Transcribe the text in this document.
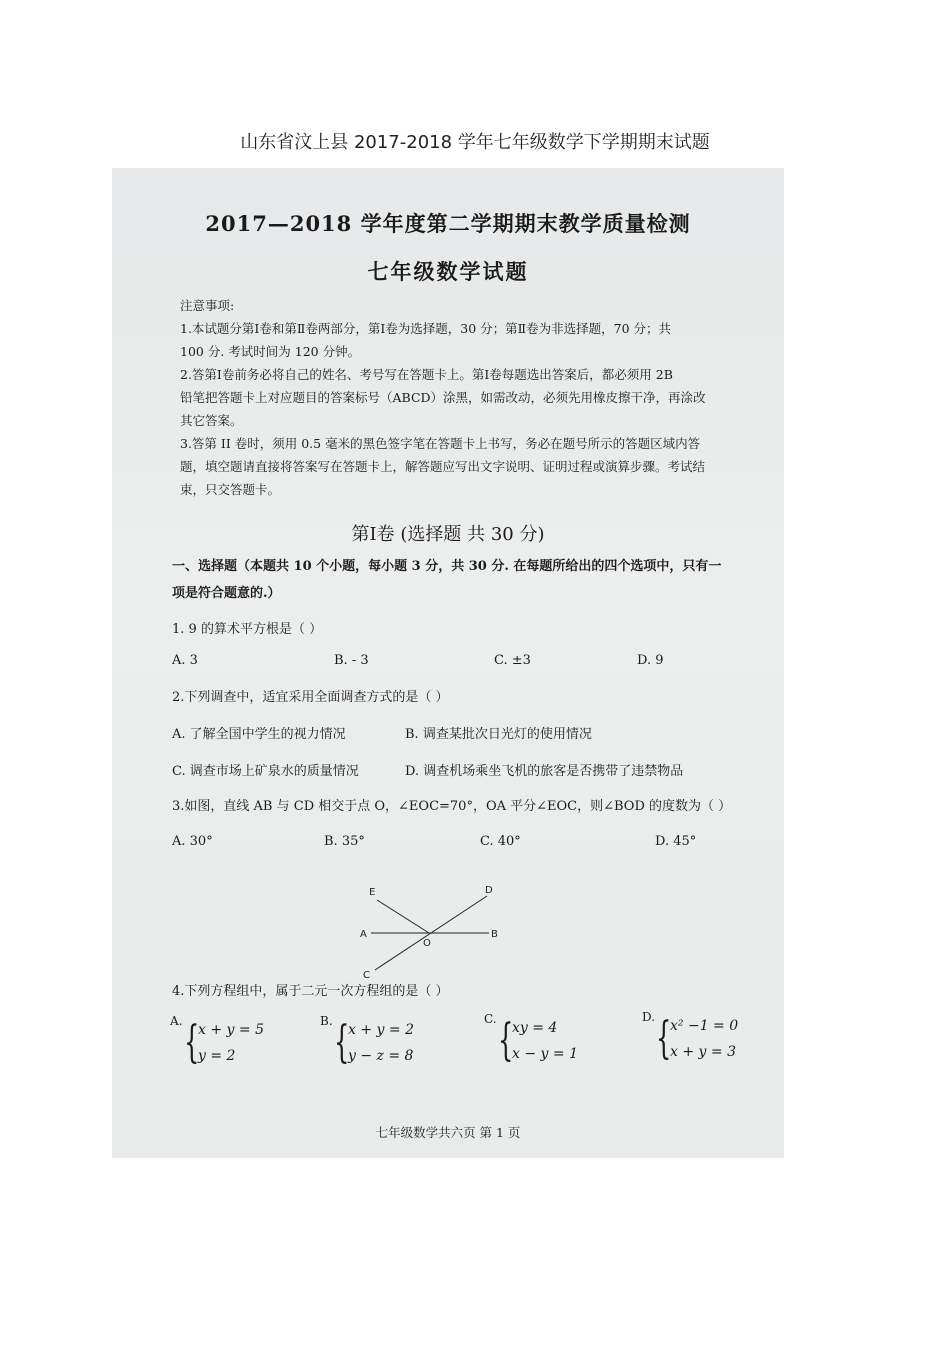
山东省汶上县 2017-2018 学年七年级数学下学期期末试题
2017—2018 学年度第二学期期末教学质量检测
七年级数学试题
注意事项:
1.本试题分第Ⅰ卷和第Ⅱ卷两部分，第Ⅰ卷为选择题，30 分；第Ⅱ卷为非选择题，70 分；共
100 分. 考试时间为 120 分钟。
2.答第Ⅰ卷前务必将自己的姓名、考号写在答题卡上。第Ⅰ卷每题选出答案后，都必须用 2B
铅笔把答题卡上对应题目的答案标号（ABCD）涂黑，如需改动，必须先用橡皮擦干净，再涂改
其它答案。
3.答第 II 卷时，须用 0.5 毫米的黑色签字笔在答题卡上书写，务必在题号所示的答题区域内答
题，填空题请直接将答案写在答题卡上，解答题应写出文字说明、证明过程或演算步骤。考试结
束，只交答题卡。
第Ⅰ卷 (选择题 共 30 分)
一、选择题（本题共 10 个小题，每小题 3 分，共 30 分. 在每题所给出的四个选项中，只有一
项是符合题意的.）
1. 9 的算术平方根是（ ）
A. 3	B. - 3	C. ±3	D. 9
2.下列调查中，适宜采用全面调查方式的是（ ）
A. 了解全国中学生的视力情况	B. 调查某批次日光灯的使用情况
C. 调查市场上矿泉水的质量情况	D. 调查机场乘坐飞机的旅客是否携带了违禁物品
3.如图，直线 AB 与 CD 相交于点 O，∠EOC=70°，OA 平分∠EOC，则∠BOD 的度数为（ ）
A. 30°	B. 35°	C. 40°	D. 45°
E	D
A
O
B
C
4.下列方程组中，属于二元一次方程组的是（ ）
A. {
x + y = 5
y = 2
B. {
x + y = 2
y − z = 8
C. {
xy = 4
x − y = 1
D. {
x² −1 = 0
x + y = 3
七年级数学共六页 第 1 页
